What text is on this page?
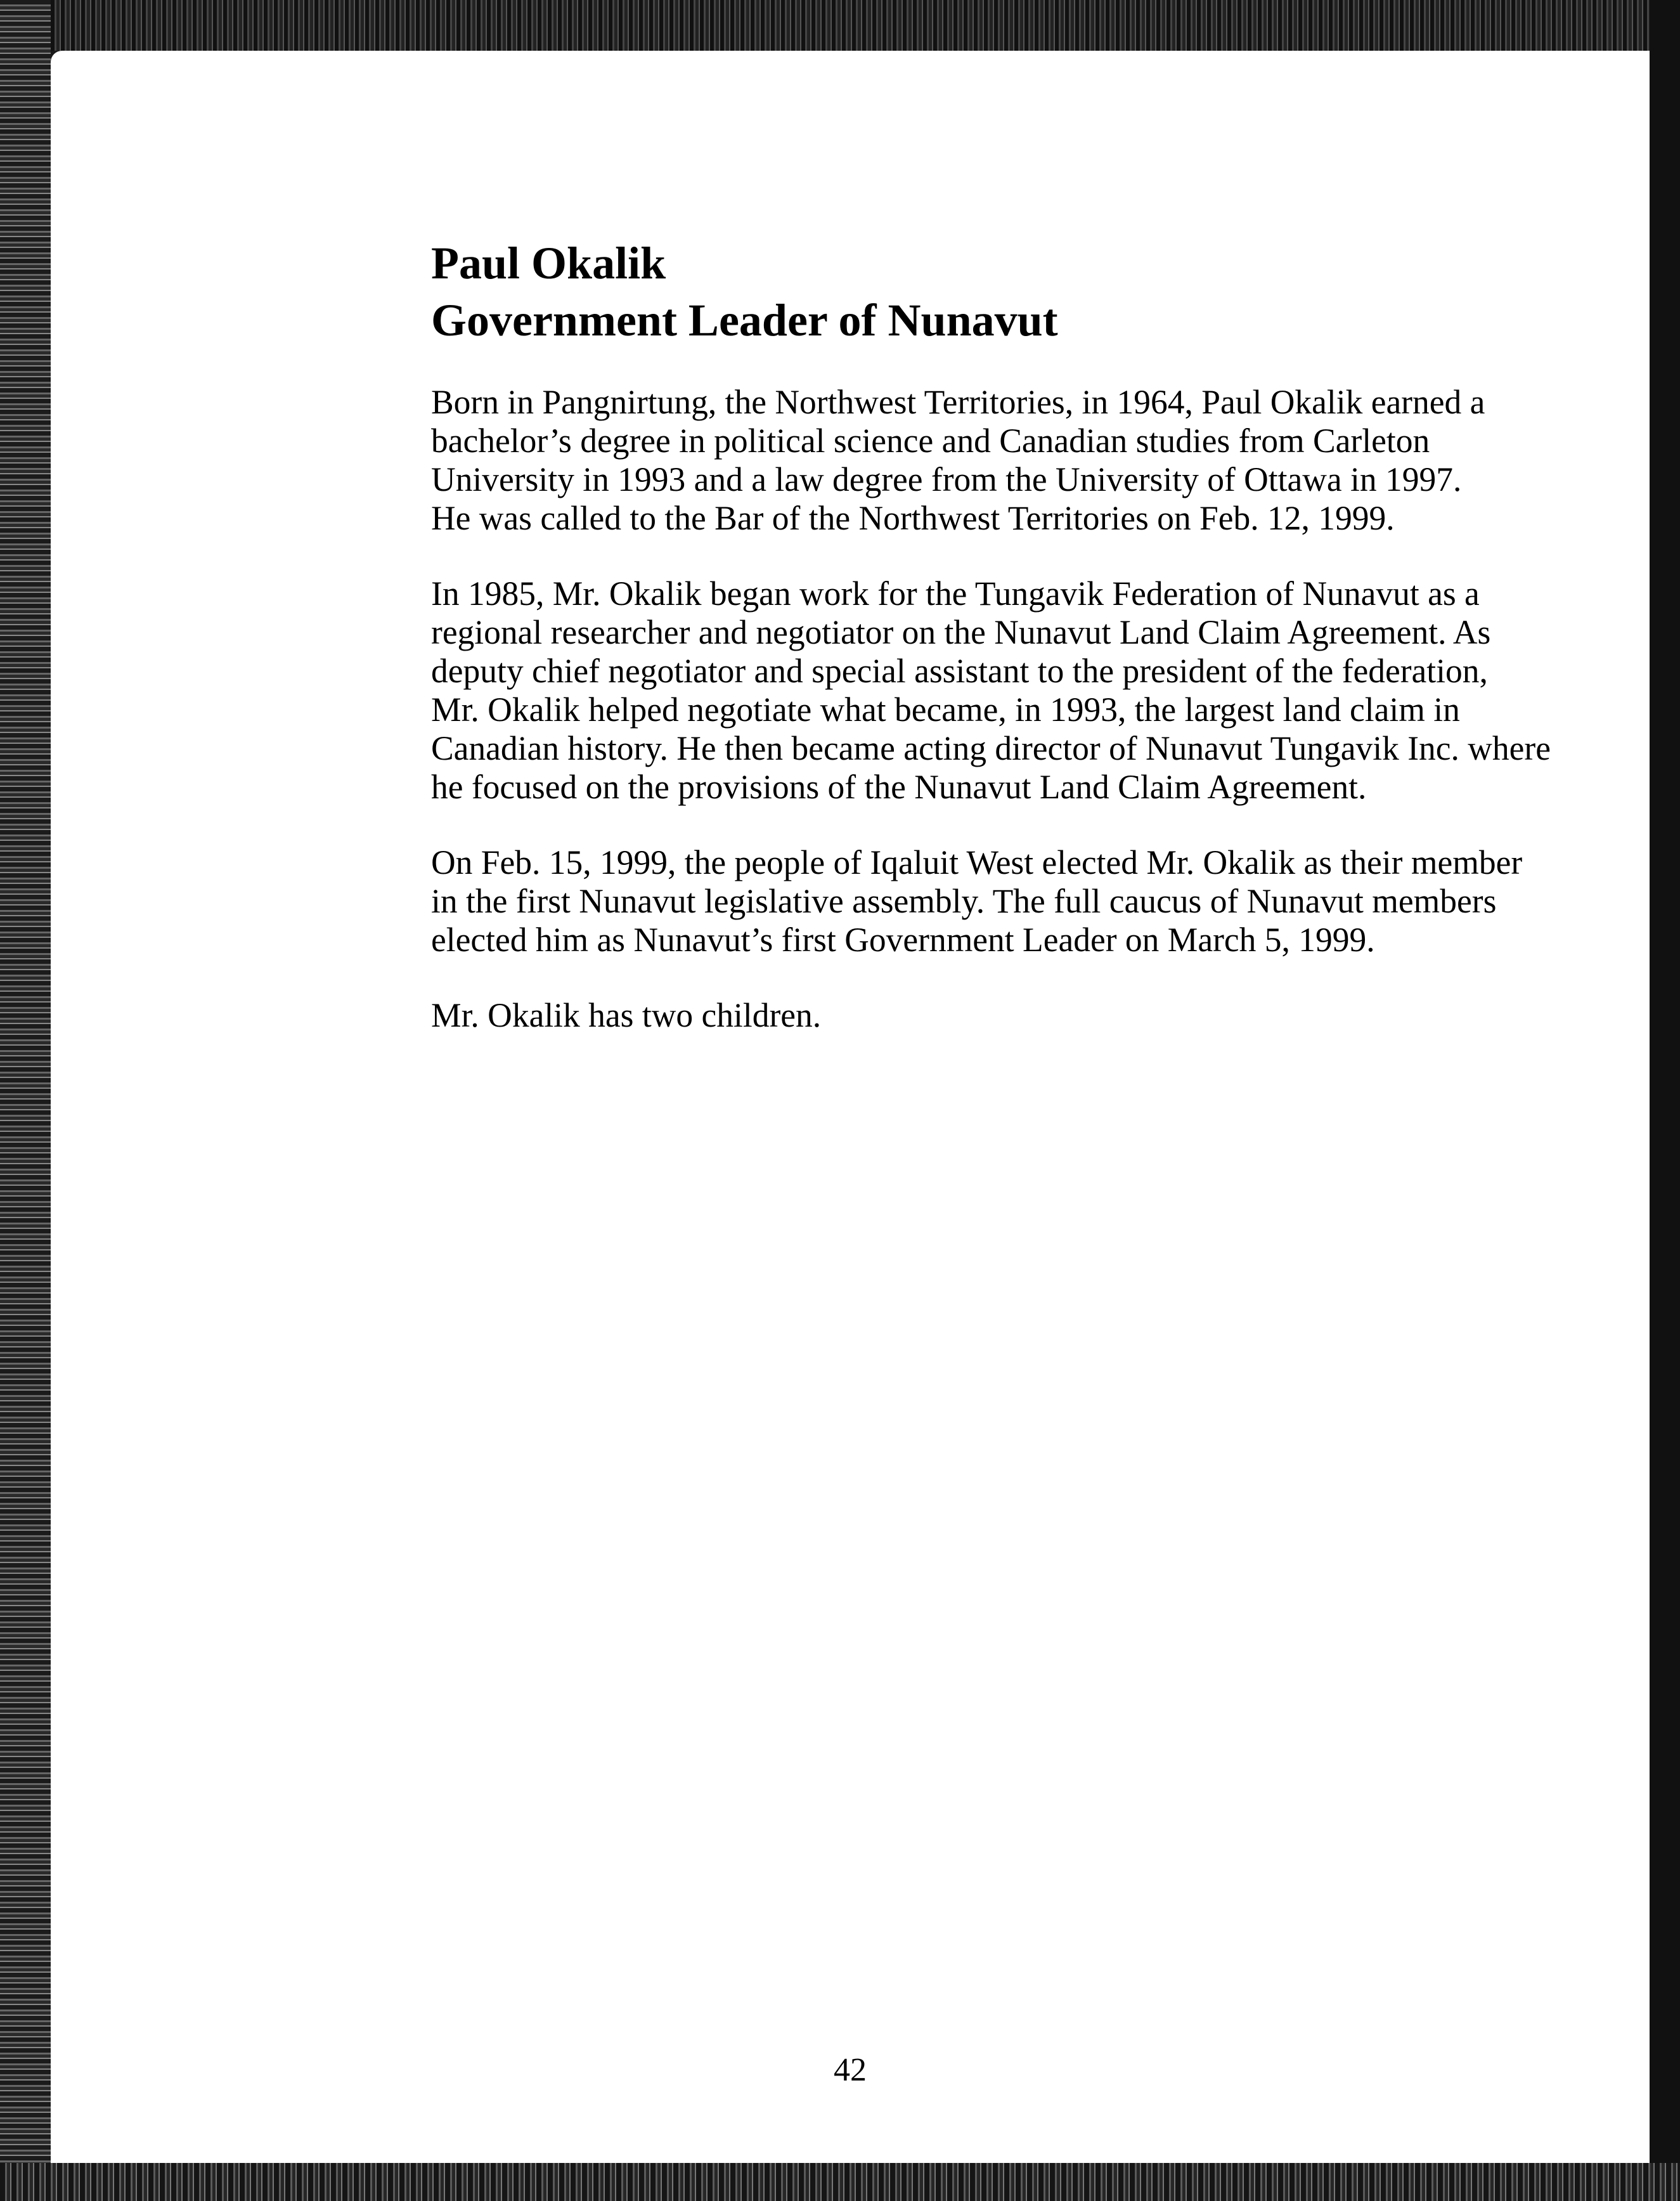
Paul Okalik
Government Leader of Nunavut

Born in Pangnirtung, the Northwest Territories, in 1964, Paul Okalik earned a
bachelor’s degree in political science and Canadian studies from Carleton
University in 1993 and a law degree from the University of Ottawa in 1997.
He was called to the Bar of the Northwest Territories on Feb. 12, 1999.

In 1985, Mr. Okalik began work for the Tungavik Federation of Nunavut as a
regional researcher and negotiator on the Nunavut Land Claim Agreement. As
deputy chief negotiator and special assistant to the president of the federation,
Mr. Okalik helped negotiate what became, in 1993, the largest land claim in
Canadian history. He then became acting director of Nunavut Tungavik Inc. where
he focused on the provisions of the Nunavut Land Claim Agreement.

On Feb. 15, 1999, the people of Iqaluit West elected Mr. Okalik as their member
in the first Nunavut legislative assembly. The full caucus of Nunavut members
elected him as Nunavut’s first Government Leader on March 5, 1999.

Mr. Okalik has two children.

42
